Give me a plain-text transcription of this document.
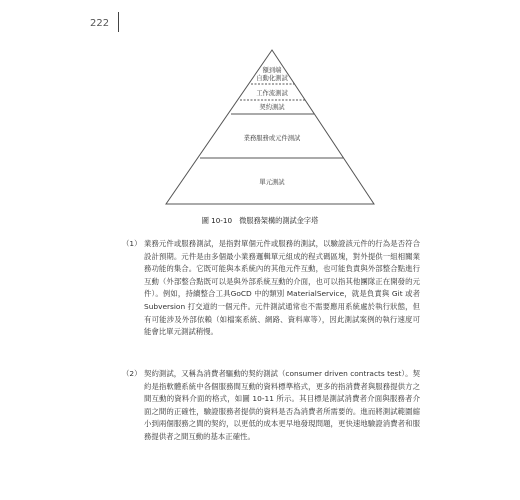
222
額到端
自動化測試
工作流測試
契約測試
業務服務或元件測試
單元測試
圖 10-10　微服務架構的測試金字塔
（1） 業務元件或服務測試，是指對單個元件或服務的測試，以驗證該元件的行為是否符合設計預期。元件是由多個最小業務邏輯單元組成的程式碼區塊，對外提供一組相關業務功能的集合。它既可能與本系統內的其他元件互動，也可能負責與外部整合點進行互動（外部整合點既可以是與外部系統互動的介面，也可以指其他團隊正在開發的元件）。例如，持續整合工具GoCD 中的類別 MaterialService，就是負責與 Git 或者 Subversion 打交道的一個元件。元件測試通常也不需要應用系統處於執行狀態，但有可能涉及外部依賴（如檔案系統、網路、資料庫等），因此測試案例的執行速度可能會比單元測試稍慢。
（2） 契約測試，又稱為消費者驅動的契約測試（consumer driven contracts test）。契約是指軟體系統中各個服務間互動的資料標準格式，更多的指消費者與服務提供方之間互動的資料介面的格式，如圖 10-11 所示。其目標是測試消費者介面與服務者介面之間的正確性，驗證服務者提供的資料是否為消費者所需要的。進而將測試範圍縮小到兩個服務之間的契約，以更低的成本更早地發現問題，更快速地驗證消費者和服務提供者之間互動的基本正確性。
